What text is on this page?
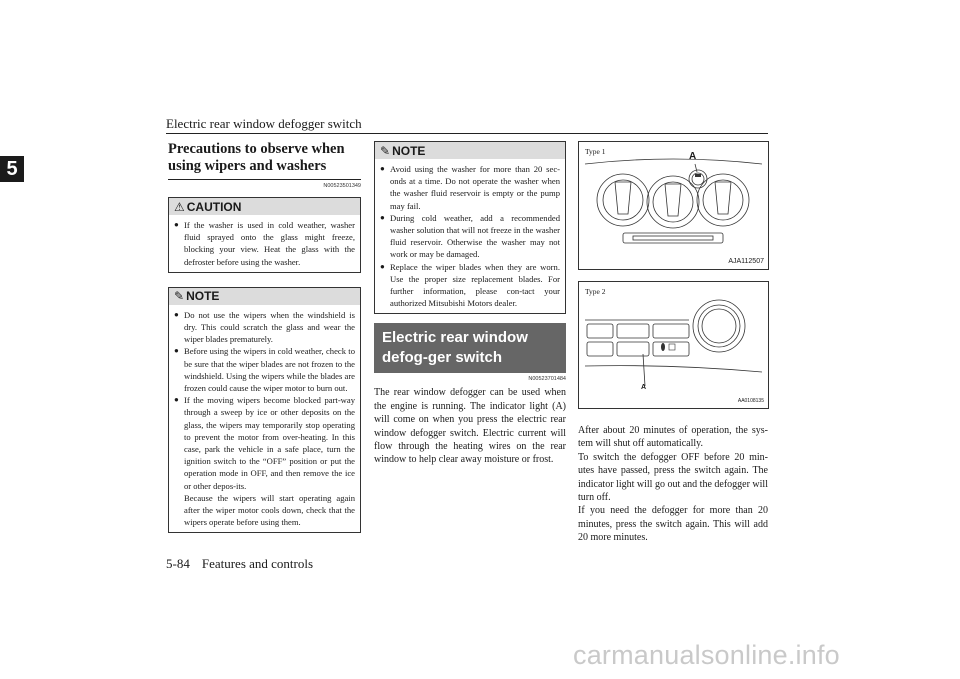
Electric rear window defogger switch
5
Precautions to observe when using wipers and washers
N00523501349
⚠ CAUTION
● If the washer is used in cold weather, washer fluid sprayed onto the glass might freeze, blocking your view. Heat the glass with the defroster before using the washer.
✎ NOTE
● Do not use the wipers when the windshield is dry. This could scratch the glass and wear the wiper blades prematurely.
● Before using the wipers in cold weather, check to be sure that the wiper blades are not frozen to the windshield. Using the wipers while the blades are frozen could cause the wiper motor to burn out.
● If the moving wipers become blocked part-way through a sweep by ice or other deposits on the glass, the wipers may temporarily stop operating to prevent the motor from over-heating. In this case, park the vehicle in a safe place, turn the ignition switch to the “OFF” position or put the operation mode in OFF, and then remove the ice or other depos-its.
Because the wipers will start operating again after the wiper motor cools down, check that the wipers operate before using them.
✎ NOTE
● Avoid using the washer for more than 20 sec-onds at a time. Do not operate the washer when the washer fluid reservoir is empty or the pump may fail.
● During cold weather, add a recommended washer solution that will not freeze in the washer fluid reservoir. Otherwise the washer may not work or may be damaged.
● Replace the wiper blades when they are worn. Use the proper size replacement blades. For further information, please con-tact your authorized Mitsubishi Motors dealer.
Electric rear window defog-ger switch
N00523701484
The rear window defogger can be used when the engine is running. The indicator light (A) will come on when you press the electric rear window defogger switch. Electric current will flow through the heating wires on the rear window to help clear away moisture or frost.
Type 1	A
AJA112507
Type 2
A
AA0108135
After about 20 minutes of operation, the sys-tem will shut off automatically.
To switch the defogger OFF before 20 min-utes have passed, press the switch again. The indicator light will go out and the defogger will turn off.
If you need the defogger for more than 20 minutes, press the switch again. This will add 20 more minutes.
5-84 Features and controls
carmanualsonline.info
